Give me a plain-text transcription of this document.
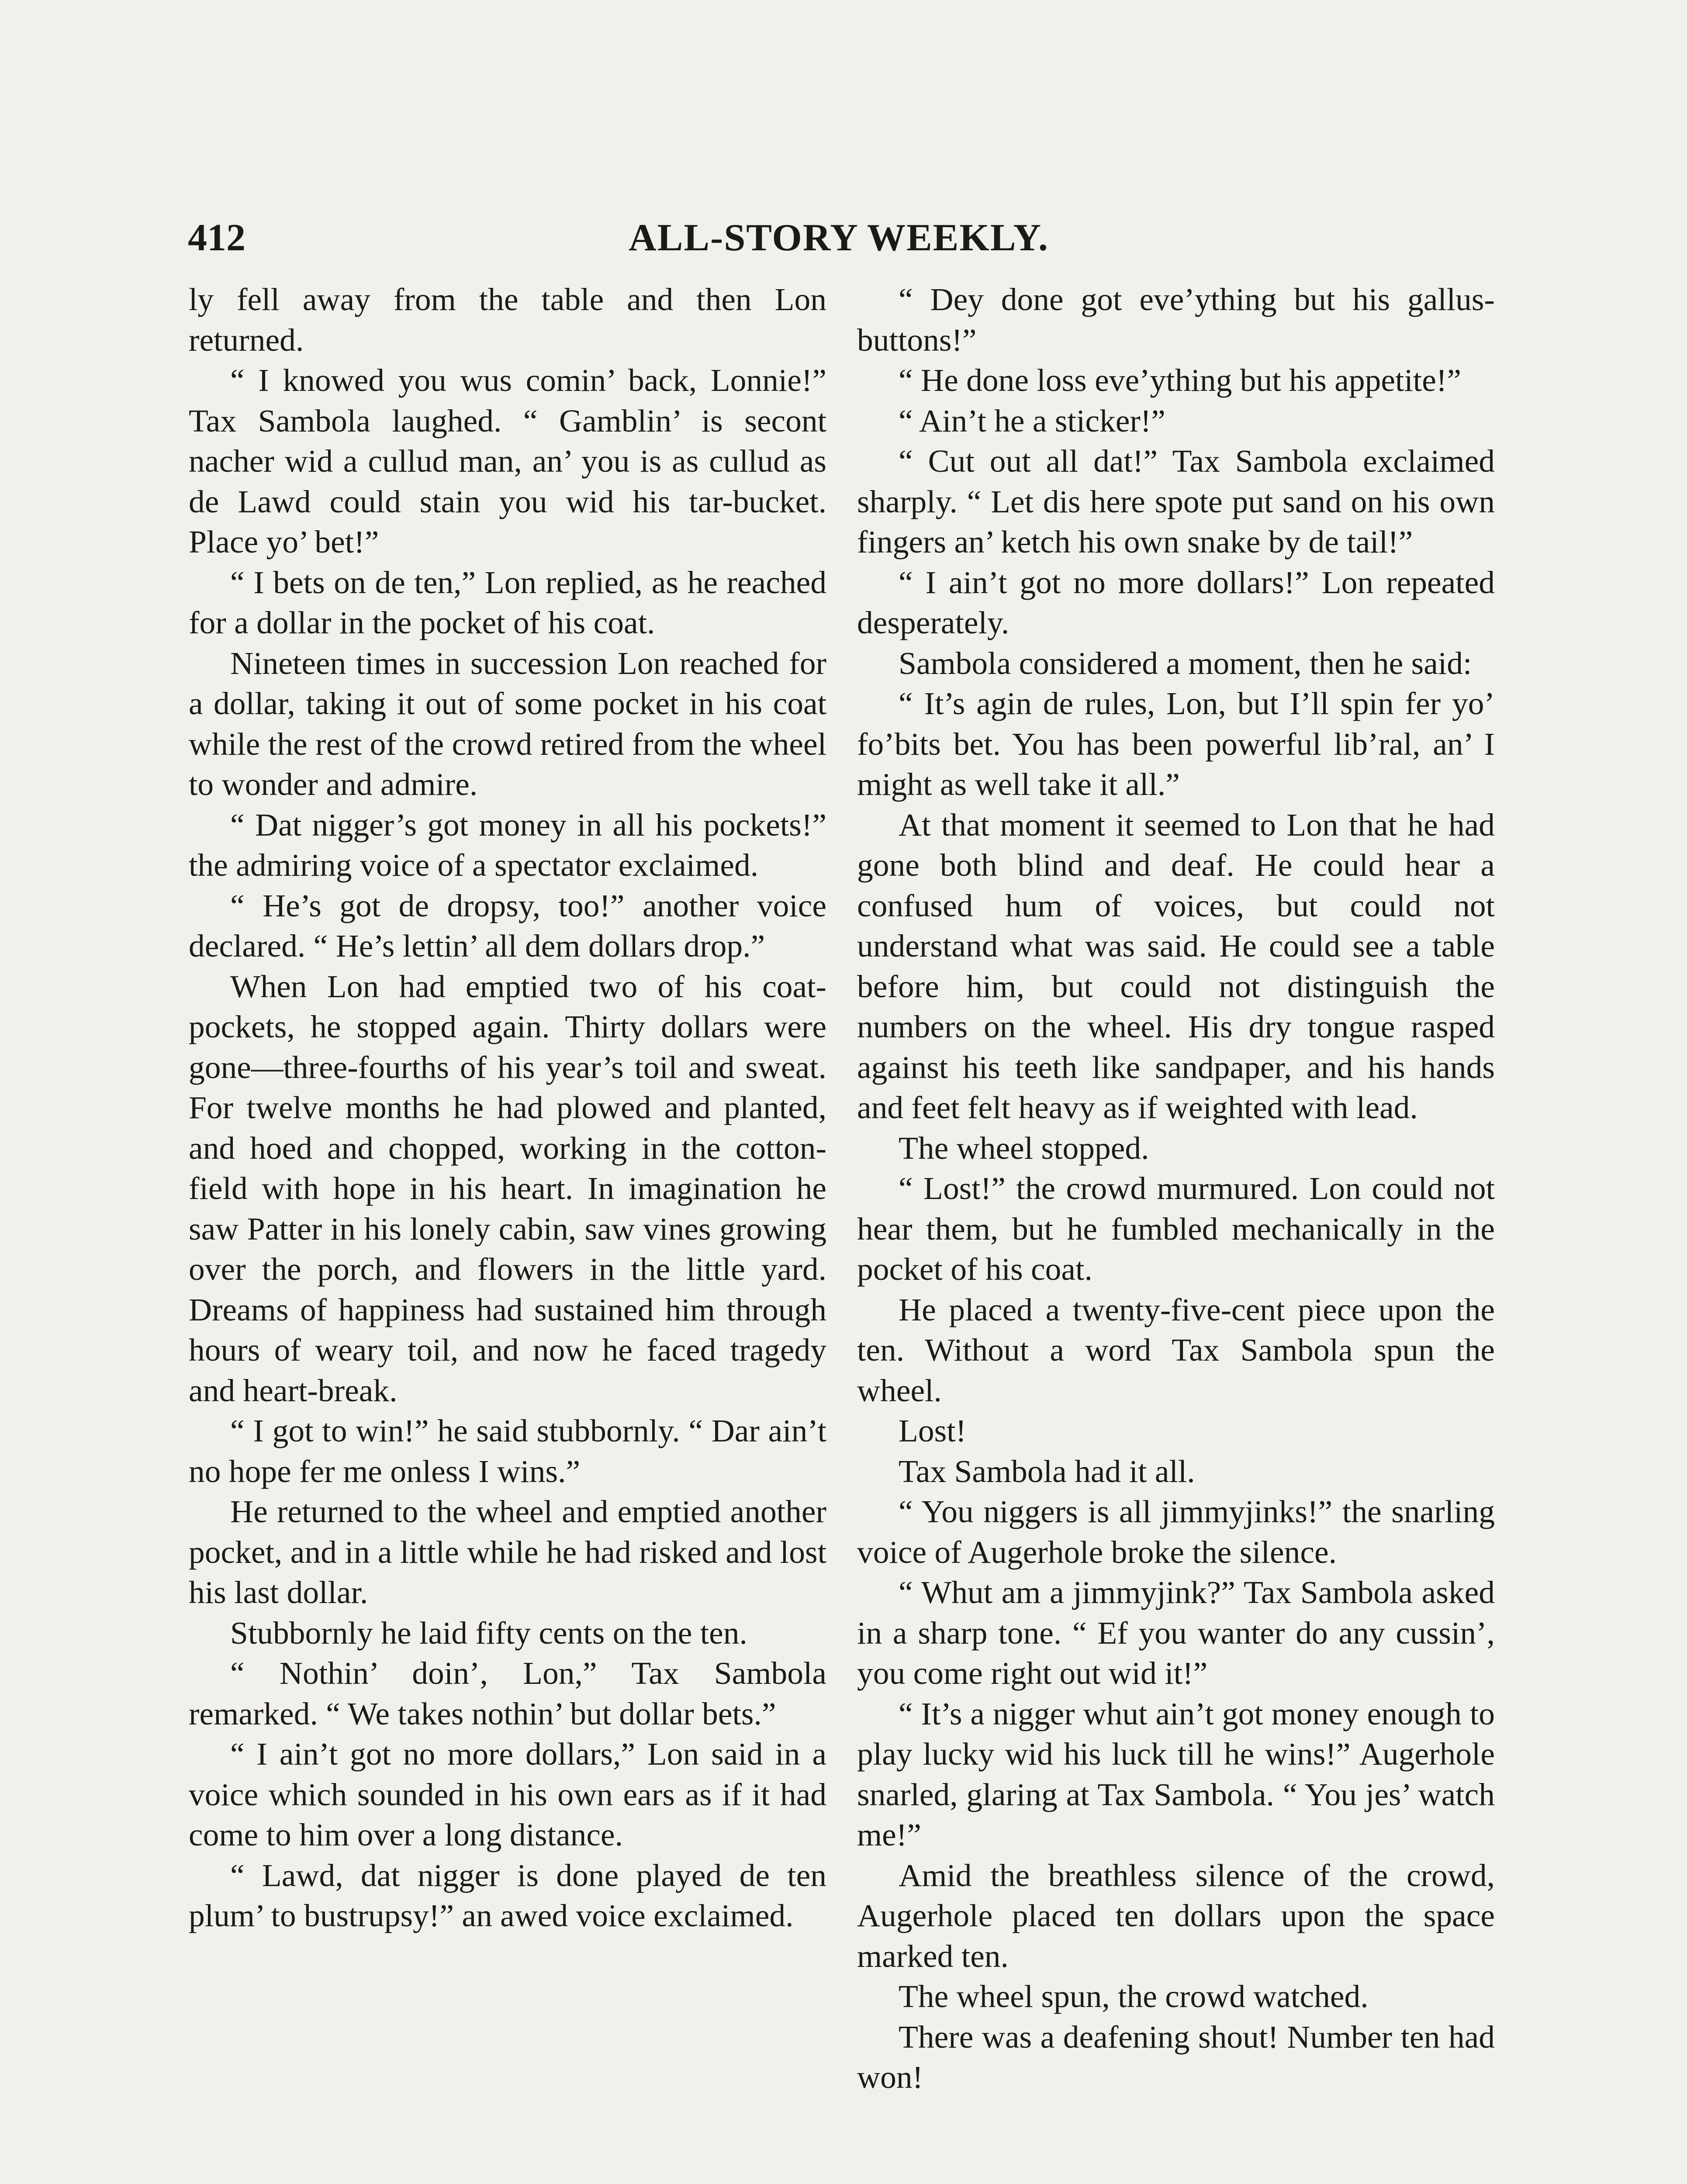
412	ALL-STORY WEEKLY.

ly fell away from the table and then Lon returned.

“ I knowed you wus comin’ back, Lonnie!” Tax Sambola laughed. “ Gamblin’ is secont nacher wid a cullud man, an’ you is as cullud as de Lawd could stain you wid his tar-bucket. Place yo’ bet!”

“ I bets on de ten,” Lon replied, as he reached for a dollar in the pocket of his coat.

Nineteen times in succession Lon reached for a dollar, taking it out of some pocket in his coat while the rest of the crowd retired from the wheel to wonder and admire.

“ Dat nigger’s got money in all his pockets!” the admiring voice of a spectator exclaimed.

“ He’s got de dropsy, too!” another voice declared. “ He’s lettin’ all dem dollars drop.”

When Lon had emptied two of his coat-pockets, he stopped again. Thirty dollars were gone—three-fourths of his year’s toil and sweat. For twelve months he had plowed and planted, and hoed and chopped, working in the cotton-field with hope in his heart. In imagination he saw Patter in his lonely cabin, saw vines growing over the porch, and flowers in the little yard. Dreams of happiness had sustained him through hours of weary toil, and now he faced tragedy and heart-break.

“ I got to win!” he said stubbornly. “ Dar ain’t no hope fer me onless I wins.”

He returned to the wheel and emptied another pocket, and in a little while he had risked and lost his last dollar.

Stubbornly he laid fifty cents on the ten.

“ Nothin’ doin’, Lon,” Tax Sambola remarked. “ We takes nothin’ but dollar bets.”

“ I ain’t got no more dollars,” Lon said in a voice which sounded in his own ears as if it had come to him over a long distance.

“ Lawd, dat nigger is done played de ten plum’ to bustrupsy!” an awed voice exclaimed.

“ Dey done got eve’ything but his gallus-buttons!”

“ He done loss eve’ything but his appetite!”

“ Ain’t he a sticker!”

“ Cut out all dat!” Tax Sambola exclaimed sharply. “ Let dis here spote put sand on his own fingers an’ ketch his own snake by de tail!”

“ I ain’t got no more dollars!” Lon repeated desperately.

Sambola considered a moment, then he said:

“ It’s agin de rules, Lon, but I’ll spin fer yo’ fo’bits bet. You has been powerful lib’ral, an’ I might as well take it all.”

At that moment it seemed to Lon that he had gone both blind and deaf. He could hear a confused hum of voices, but could not understand what was said. He could see a table before him, but could not distinguish the numbers on the wheel. His dry tongue rasped against his teeth like sandpaper, and his hands and feet felt heavy as if weighted with lead.

The wheel stopped.

“ Lost!” the crowd murmured. Lon could not hear them, but he fumbled mechanically in the pocket of his coat.

He placed a twenty-five-cent piece upon the ten. Without a word Tax Sambola spun the wheel.

Lost!

Tax Sambola had it all.

“ You niggers is all jimmyjinks!” the snarling voice of Augerhole broke the silence.

“ Whut am a jimmyjink?” Tax Sambola asked in a sharp tone. “ Ef you wanter do any cussin’, you come right out wid it!”

“ It’s a nigger whut ain’t got money enough to play lucky wid his luck till he wins!” Augerhole snarled, glaring at Tax Sambola. “ You jes’ watch me!”

Amid the breathless silence of the crowd, Augerhole placed ten dollars upon the space marked ten.

The wheel spun, the crowd watched.

There was a deafening shout! Number ten had won!
